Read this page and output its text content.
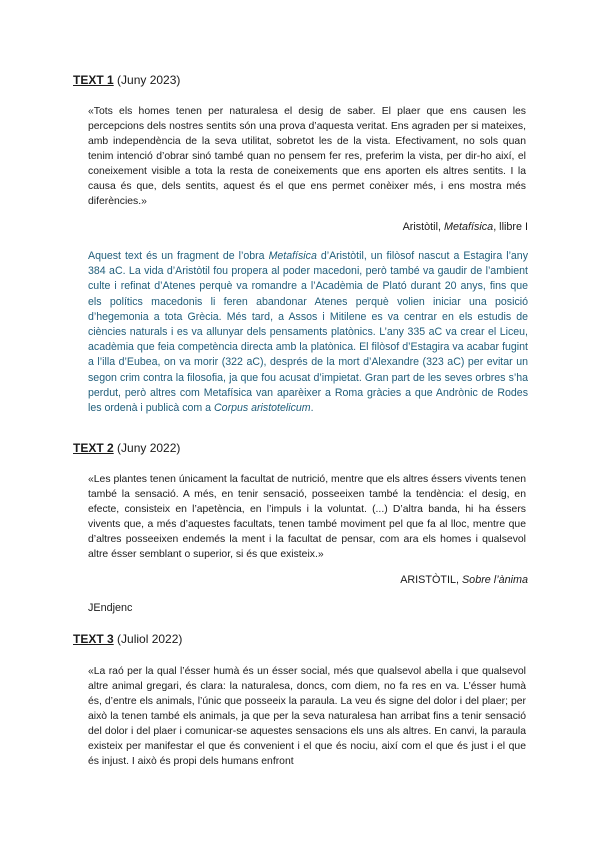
TEXT 1 (Juny 2023)
«Tots els homes tenen per naturalesa el desig de saber. El plaer que ens causen les percepcions dels nostres sentits són una prova d’aquesta veritat. Ens agraden per si mateixes, amb independència de la seva utilitat, sobretot les de la vista. Efectivament, no sols quan tenim intenció d’obrar sinó també quan no pensem fer res, preferim la vista, per dir-ho així, el coneixement visible a tota la resta de coneixements que ens aporten els altres sentits. I la causa és que, dels sentits, aquest és el que ens permet conèixer més, i ens mostra més diferències.»
Aristòtil, Metafísica, llibre I
Aquest text és un fragment de l’obra Metafísica d’Aristòtil, un filòsof nascut a Estagira l’any 384 aC. La vida d’Aristòtil fou propera al poder macedoni, però també va gaudir de l’ambient culte i refinat d’Atenes perquè va romandre a l’Acadèmia de Plató durant 20 anys, fins que els polítics macedonis li feren abandonar Atenes perquè volien iniciar una posició d’hegemonia a tota Grècia. Més tard, a Assos i Mitilene es va centrar en els estudis de ciències naturals i es va allunyar dels pensaments platònics. L’any 335 aC va crear el Liceu, acadèmia que feia competència directa amb la platònica. El filòsof d’Estagira va acabar fugint a l’illa d’Eubea, on va morir (322 aC), després de la mort d’Alexandre (323 aC) per evitar un segon crim contra la filosofia, ja que fou acusat d’impietat. Gran part de les seves orbres s’ha perdut, però altres com Metafísica van aparèixer a Roma gràcies a que Andrònic de Rodes les ordenà i publicà com a Corpus aristotelicum.
TEXT 2 (Juny 2022)
«Les plantes tenen únicament la facultat de nutrició, mentre que els altres éssers vivents tenen també la sensació. A més, en tenir sensació, posseeixen també la tendència: el desig, en efecte, consisteix en l’apetència, en l’impuls i la voluntat. (...) D’altra banda, hi ha éssers vivents que, a més d’aquestes facultats, tenen també moviment pel que fa al lloc, mentre que d’altres posseeixen endemés la ment i la facultat de pensar, com ara els homes i qualsevol altre ésser semblant o superior, si és que existeix.»
ARISTÒTIL, Sobre l’ànima
JEndjenc
TEXT 3 (Juliol 2022)
«La raó per la qual l’ésser humà és un ésser social, més que qualsevol abella i que qualsevol altre animal gregari, és clara: la naturalesa, doncs, com diem, no fa res en va. L’ésser humà és, d’entre els animals, l’únic que posseeix la paraula. La veu és signe del dolor i del plaer; per això la tenen també els animals, ja que per la seva naturalesa han arribat fins a tenir sensació del dolor i del plaer i comunicar-se aquestes sensacions els uns als altres. En canvi, la paraula existeix per manifestar el que és convenient i el que és nociu, així com el que és just i el que és injust. I això és propi dels humans enfront
